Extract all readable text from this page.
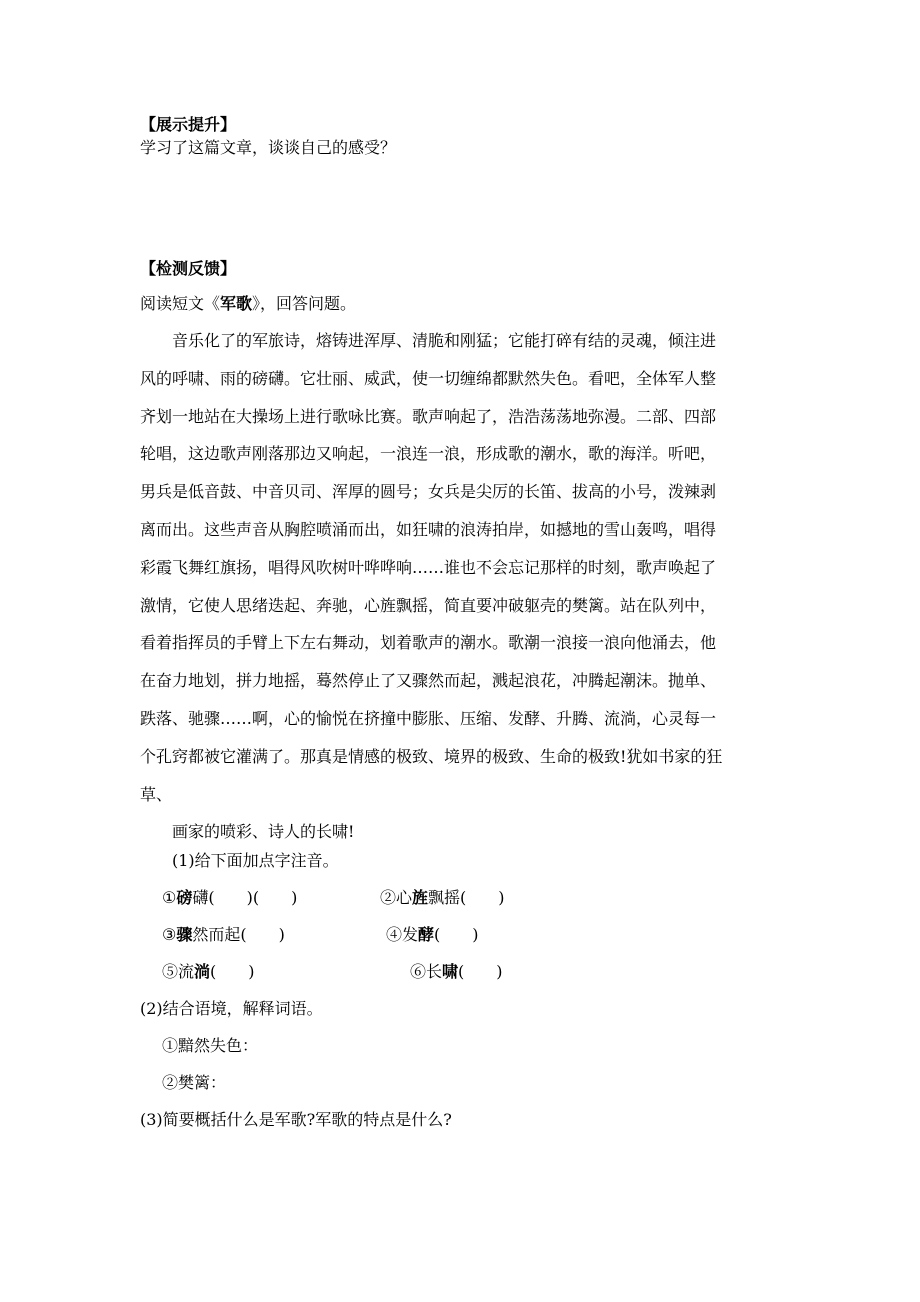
【展示提升】
学习了这篇文章，谈谈自己的感受？
【检测反馈】
阅读短文《军歌》，回答问题。
音乐化了的军旅诗，熔铸进浑厚、清脆和刚猛；它能打碎有结的灵魂，倾注进
风的呼啸、雨的磅礴。它壮丽、威武，使一切缠绵都默然失色。看吧，全体军人整
齐划一地站在大操场上进行歌咏比赛。歌声响起了，浩浩荡荡地弥漫。二部、四部
轮唱，这边歌声刚落那边又响起，一浪连一浪，形成歌的潮水，歌的海洋。听吧，
男兵是低音鼓、中音贝司、浑厚的圆号；女兵是尖厉的长笛、拔高的小号，泼辣剥
离而出。这些声音从胸腔喷涌而出，如狂啸的浪涛拍岸，如撼地的雪山轰鸣，唱得
彩霞飞舞红旗扬，唱得风吹树叶哗哗响……谁也不会忘记那样的时刻，歌声唤起了
激情，它使人思绪迭起、奔驰，心旌飘摇，简直要冲破躯壳的樊篱。站在队列中，
看着指挥员的手臂上下左右舞动，划着歌声的潮水。歌潮一浪接一浪向他涌去，他
在奋力地划，拼力地摇，蓦然停止了又骤然而起，溅起浪花，冲腾起潮沫。抛单、
跌落、驰骤……啊，心的愉悦在挤撞中膨胀、压缩、发酵、升腾、流淌，心灵每一
个孔窍都被它灌满了。那真是情感的极致、境界的极致、生命的极致!犹如书家的狂
草、
画家的喷彩、诗人的长啸!
(1)给下面加点字注音。
①磅礴(　　)(　　)	②心旌飘摇(　　)
③骤然而起(　　)	④发酵(　　)
⑤流淌(　　)	⑥长啸(　　)
(2)结合语境，解释词语。
①黯然失色：
②樊篱：
(3)简要概括什么是军歌?军歌的特点是什么?
